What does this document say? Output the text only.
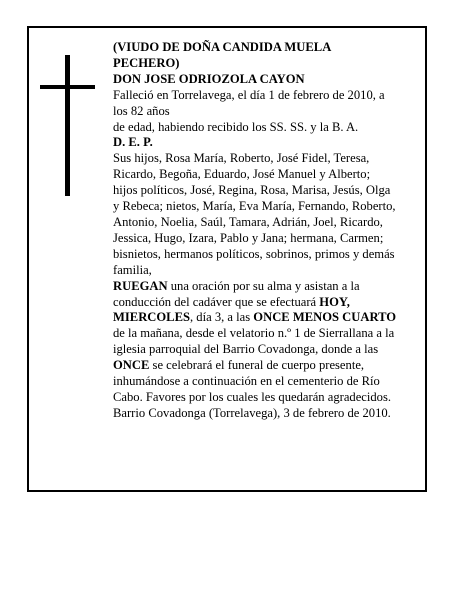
(VIUDO DE DOÑA CANDIDA MUELA
PECHERO)
DON JOSE ODRIOZOLA CAYON
Falleció en Torrelavega, el día 1 de febrero de 2010, a
los 82 años
de edad, habiendo recibido los SS. SS. y la B. A.
D. E. P.
Sus hijos, Rosa María, Roberto, José Fidel, Teresa,
Ricardo, Begoña, Eduardo, José Manuel y Alberto;
hijos políticos, José, Regina, Rosa, Marisa, Jesús, Olga
y Rebeca; nietos, María, Eva María, Fernando, Roberto,
Antonio, Noelia, Saúl, Tamara, Adrián, Joel, Ricardo,
Jessica, Hugo, Izara, Pablo y Jana; hermana, Carmen;
bisnietos, hermanos políticos, sobrinos, primos y demás
familia,
RUEGAN una oración por su alma y asistan a la
conducción del cadáver que se efectuará HOY,
MIERCOLES, día 3, a las ONCE MENOS CUARTO
de la mañana, desde el velatorio n.º 1 de Sierrallana a la
iglesia parroquial del Barrio Covadonga, donde a las
ONCE se celebrará el funeral de cuerpo presente,
inhumándose a continuación en el cementerio de Río
Cabo. Favores por los cuales les quedarán agradecidos.
Barrio Covadonga (Torrelavega), 3 de febrero de 2010.
